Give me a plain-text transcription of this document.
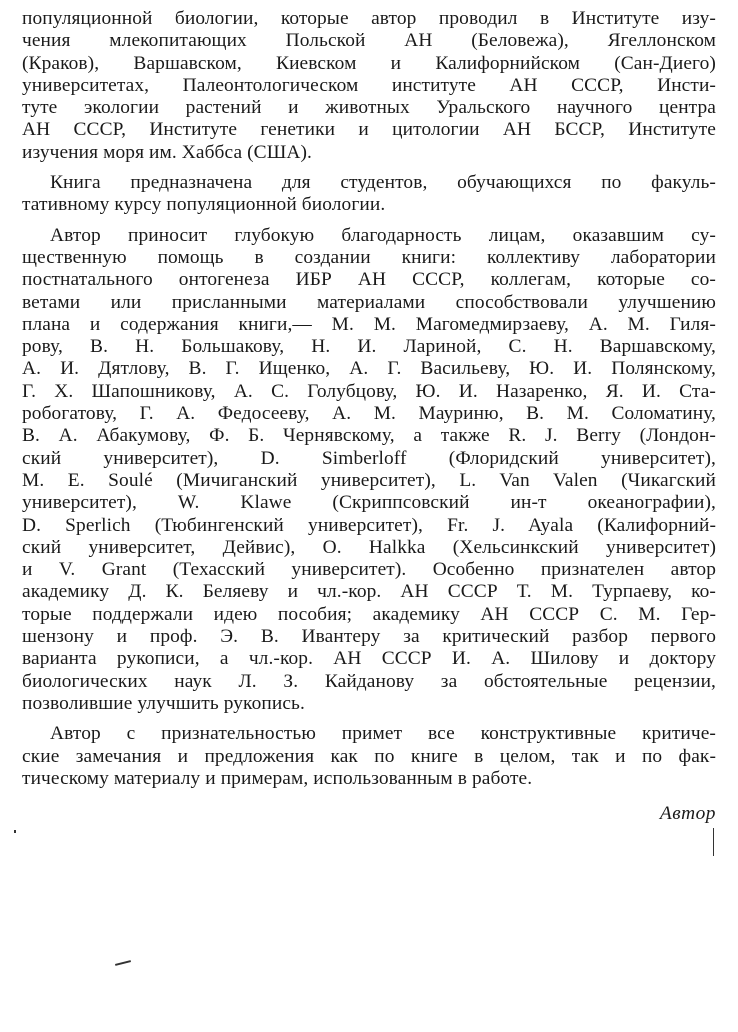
популяционной биологии, которые автор проводил в Институте изу-
чения млекопитающих Польской АН (Беловежа), Ягеллонском
(Краков), Варшавском, Киевском и Калифорнийском (Сан-Диего)
университетах, Палеонтологическом институте АН СССР, Инсти-
туте экологии растений и животных Уральского научного центра
АН СССР, Институте генетики и цитологии АН БССР, Институте
изучения моря им. Хаббса (США).

Книга предназначена для студентов, обучающихся по факуль-
тативному курсу популяционной биологии.

Автор приносит глубокую благодарность лицам, оказавшим су-
щественную помощь в создании книги: коллективу лаборатории
постнатального онтогенеза ИБР АН СССР, коллегам, которые со-
ветами или присланными материалами способствовали улучшению
плана и содержания книги,— М. М. Магомедмирзаеву, А. М. Гиля-
рову, В. Н. Большакову, Н. И. Лариной, С. Н. Варшавскому,
А. И. Дятлову, В. Г. Ищенко, А. Г. Васильеву, Ю. И. Полянскому,
Г. Х. Шапошникову, А. С. Голубцову, Ю. И. Назаренко, Я. И. Ста-
робогатову, Г. А. Федосееву, А. М. Мауриню, В. М. Соломатину,
В. А. Абакумову, Ф. Б. Чернявскому, а также R. J. Berry (Лондон-
ский университет), D. Simberloff (Флоридский университет),
M. E. Soulé (Мичиганский университет), L. Van Valen (Чикагский
университет), W. Klawe (Скриппсовский ин-т океанографии),
D. Sperlich (Тюбингенский университет), Fr. J. Ayala (Калифорний-
ский университет, Дейвис), O. Halkka (Хельсинкский университет)
и V. Grant (Техасский университет). Особенно признателен автор
академику Д. К. Беляеву и чл.-кор. АН СССР Т. М. Турпаеву, ко-
торые поддержали идею пособия; академику АН СССР С. М. Гер-
шензону и проф. Э. В. Ивантеру за критический разбор первого
варианта рукописи, а чл.-кор. АН СССР И. А. Шилову и доктору
биологических наук Л. З. Кайданову за обстоятельные рецензии,
позволившие улучшить рукопись.

Автор с признательностью примет все конструктивные критиче-
ские замечания и предложения как по книге в целом, так и по фак-
тическому материалу и примерам, использованным в работе.

Автор
